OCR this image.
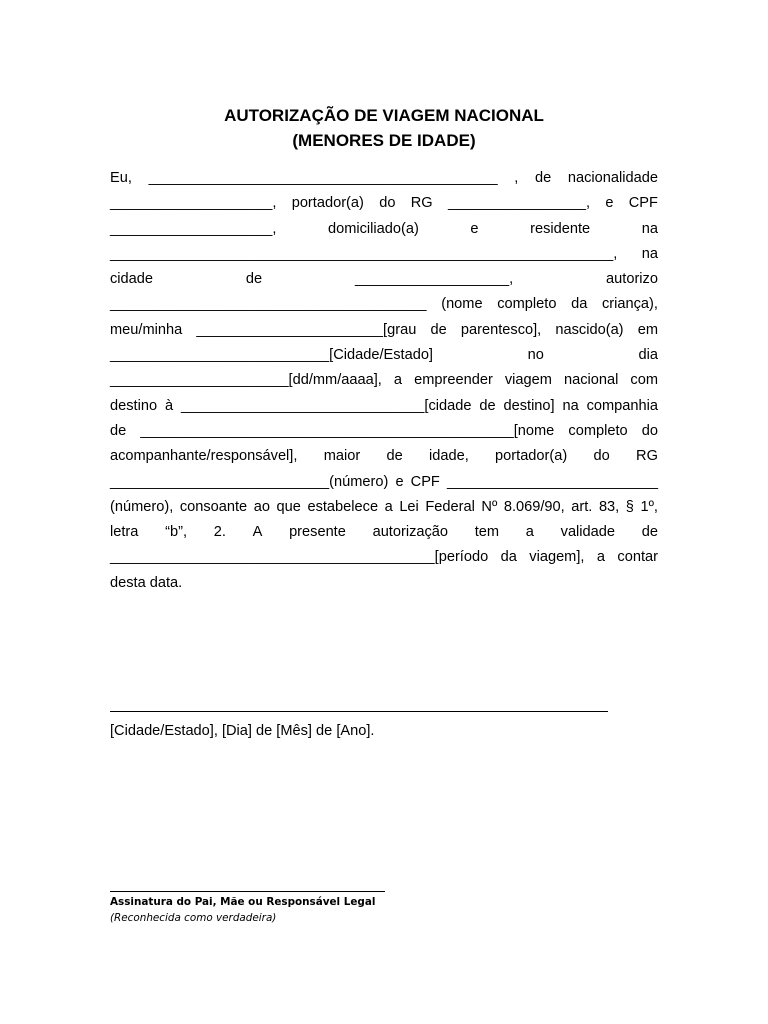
AUTORIZAÇÃO DE VIAGEM NACIONAL
(MENORES DE IDADE)
Eu, ___________________________________________ , de nacionalidade
____________________, portador(a) do RG _________________, e CPF
____________________,	domiciliado(a)	e	residente	na
______________________________________________________________, na
cidade	de	___________________,	autorizo
_______________________________________ (nome completo da criança),
meu/minha _______________________[grau de parentesco], nascido(a) em
___________________________[Cidade/Estado]	no	dia
______________________[dd/mm/aaaa], a empreender viagem nacional com
destino à ______________________________[cidade de destino] na companhia
de ______________________________________________[nome completo do
acompanhante/responsável], maior de idade, portador(a) do RG
___________________________(número) e CPF __________________________
(número), consoante ao que estabelece a Lei Federal Nº 8.069/90, art. 83, § 1º,
letra “b”, 2. A presente autorização tem a validade de
________________________________________[período da viagem], a contar
desta data.
[Cidade/Estado], [Dia] de [Mês] de [Ano].
Assinatura do Pai, Mãe ou Responsável Legal
(Reconhecida como verdadeira)
